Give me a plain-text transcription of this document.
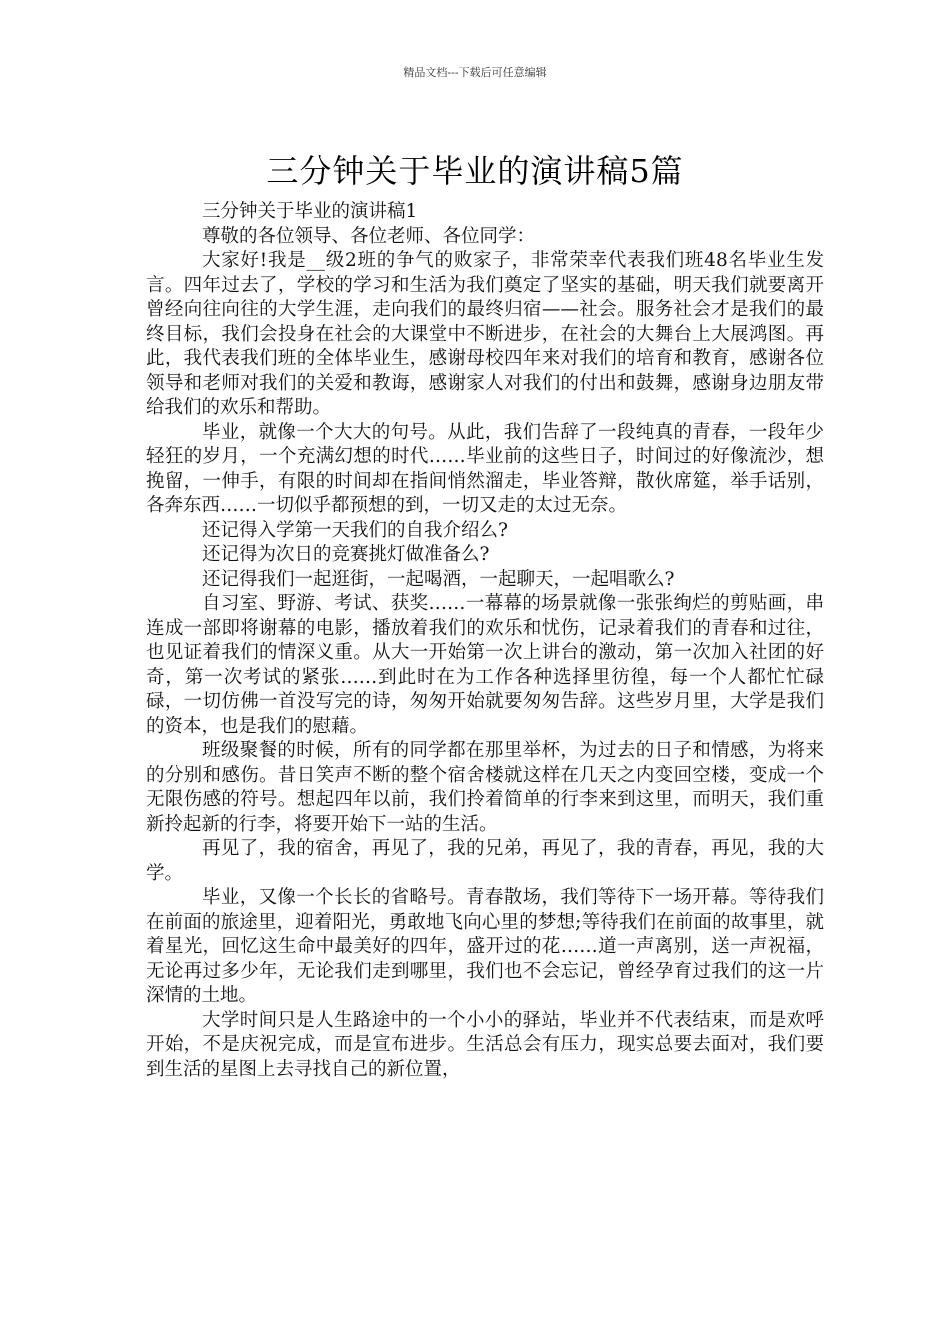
精品文档---下载后可任意编辑
三分钟关于毕业的演讲稿5篇

三分钟关于毕业的演讲稿1

尊敬的各位领导、各位老师、各位同学：

大家好!我是__级2班的争气的败家子，非常荣幸代表我们班48名毕业生发言。四年过去了，学校的学习和生活为我们奠定了坚实的基础，明天我们就要离开曾经向往向往的大学生涯，走向我们的最终归宿——社会。服务社会才是我们的最终目标，我们会投身在社会的大课堂中不断进步，在社会的大舞台上大展鸿图。再此，我代表我们班的全体毕业生，感谢母校四年来对我们的培育和教育，感谢各位领导和老师对我们的关爱和教诲，感谢家人对我们的付出和鼓舞，感谢身边朋友带给我们的欢乐和帮助。

毕业，就像一个大大的句号。从此，我们告辞了一段纯真的青春，一段年少轻狂的岁月，一个充满幻想的时代……毕业前的这些日子，时间过的好像流沙，想挽留，一伸手，有限的时间却在指间悄然溜走，毕业答辩，散伙席筵，举手话别，各奔东西……一切似乎都预想的到，一切又走的太过无奈。

还记得入学第一天我们的自我介绍么?

还记得为次日的竞赛挑灯做准备么?

还记得我们一起逛街，一起喝酒，一起聊天，一起唱歌么?

自习室、野游、考试、获奖……一幕幕的场景就像一张张绚烂的剪贴画，串连成一部即将谢幕的电影，播放着我们的欢乐和忧伤，记录着我们的青春和过往，也见证着我们的情深义重。从大一开始第一次上讲台的激动，第一次加入社团的好奇，第一次考试的紧张……到此时在为工作各种选择里彷徨，每一个人都忙忙碌碌，一切仿佛一首没写完的诗，匆匆开始就要匆匆告辞。这些岁月里，大学是我们的资本，也是我们的慰藉。

班级聚餐的时候，所有的同学都在那里举杯，为过去的日子和情感，为将来的分别和感伤。昔日笑声不断的整个宿舍楼就这样在几天之内变回空楼，变成一个无限伤感的符号。想起四年以前，我们拎着简单的行李来到这里，而明天，我们重新拎起新的行李，将要开始下一站的生活。

再见了，我的宿舍，再见了，我的兄弟，再见了，我的青春，再见，我的大学。

毕业，又像一个长长的省略号。青春散场，我们等待下一场开幕。等待我们在前面的旅途里，迎着阳光，勇敢地飞向心里的梦想;等待我们在前面的故事里，就着星光，回忆这生命中最美好的四年，盛开过的花……道一声离别，送一声祝福，无论再过多少年，无论我们走到哪里，我们也不会忘记，曾经孕育过我们的这一片深情的土地。

大学时间只是人生路途中的一个小小的驿站，毕业并不代表结束，而是欢呼开始，不是庆祝完成，而是宣布进步。生活总会有压力，现实总要去面对，我们要到生活的星图上去寻找自己的新位置，
